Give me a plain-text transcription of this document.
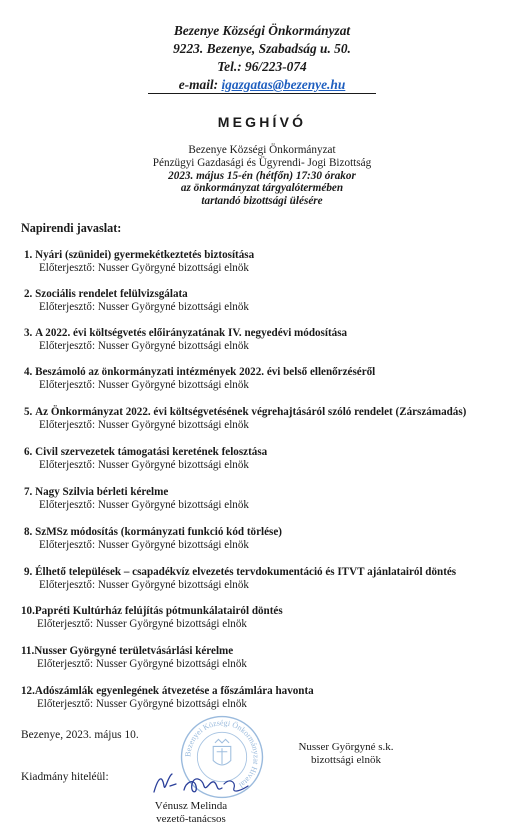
Bezenye Községi Önkormányzat
9223. Bezenye, Szabadság u. 50.
Tel.: 96/223-074
e-mail: igazgatas@bezenye.hu
MEGHÍVÓ
Bezenye Községi Önkormányzat
Pénzügyi Gazdasági és Ügyrendi- Jogi Bizottság
2023. május 15-én (hétfőn) 17:30 órakor
az önkormányzat tárgyalótermében
tartandó bizottsági ülésére
Napirendi javaslat:
1. Nyári (szünidei) gyermekétkeztetés biztosítása
Előterjesztő: Nusser Györgyné bizottsági elnök
2. Szociális rendelet felülvizsgálata
Előterjesztő: Nusser Györgyné bizottsági elnök
3. A 2022. évi költségvetés előirányzatának IV. negyedévi módosítása
Előterjesztő: Nusser Györgyné bizottsági elnök
4. Beszámoló az önkormányzati intézmények 2022. évi belső ellenőrzéséről
Előterjesztő: Nusser Györgyné bizottsági elnök
5. Az Önkormányzat 2022. évi költségvetésének végrehajtásáról szóló rendelet (Zárszámadás)
Előterjesztő: Nusser Györgyné bizottsági elnök
6. Civil szervezetek támogatási keretének felosztása
Előterjesztő: Nusser Györgyné bizottsági elnök
7. Nagy Szilvia bérleti kérelme
Előterjesztő: Nusser Györgyné bizottsági elnök
8. SzMSz módosítás (kormányzati funkció kód törlése)
Előterjesztő: Nusser Györgyné bizottsági elnök
9. Élhető települések – csapadékvíz elvezetés tervdokumentáció és ITVT ajánlatairól döntés
Előterjesztő: Nusser Györgyné bizottsági elnök
10.Papréti Kultúrház felújítás pótmunkálatairól döntés
Előterjesztő: Nusser Györgyné bizottsági elnök
11.Nusser Györgyné területvásárlási kérelme
Előterjesztő: Nusser Györgyné bizottsági elnök
12.Adószámlák egyenlegének átvezetése a főszámlára havonta
Előterjesztő: Nusser Györgyné bizottsági elnök
Bezenyei Községi Önkormányzat Hivatal
Bezenye, 2023. május 10.
Nusser Györgyné s.k.
bizottsági elnök
Kiadmány hiteléül:
Vénusz Melinda
vezető-tanácsos
